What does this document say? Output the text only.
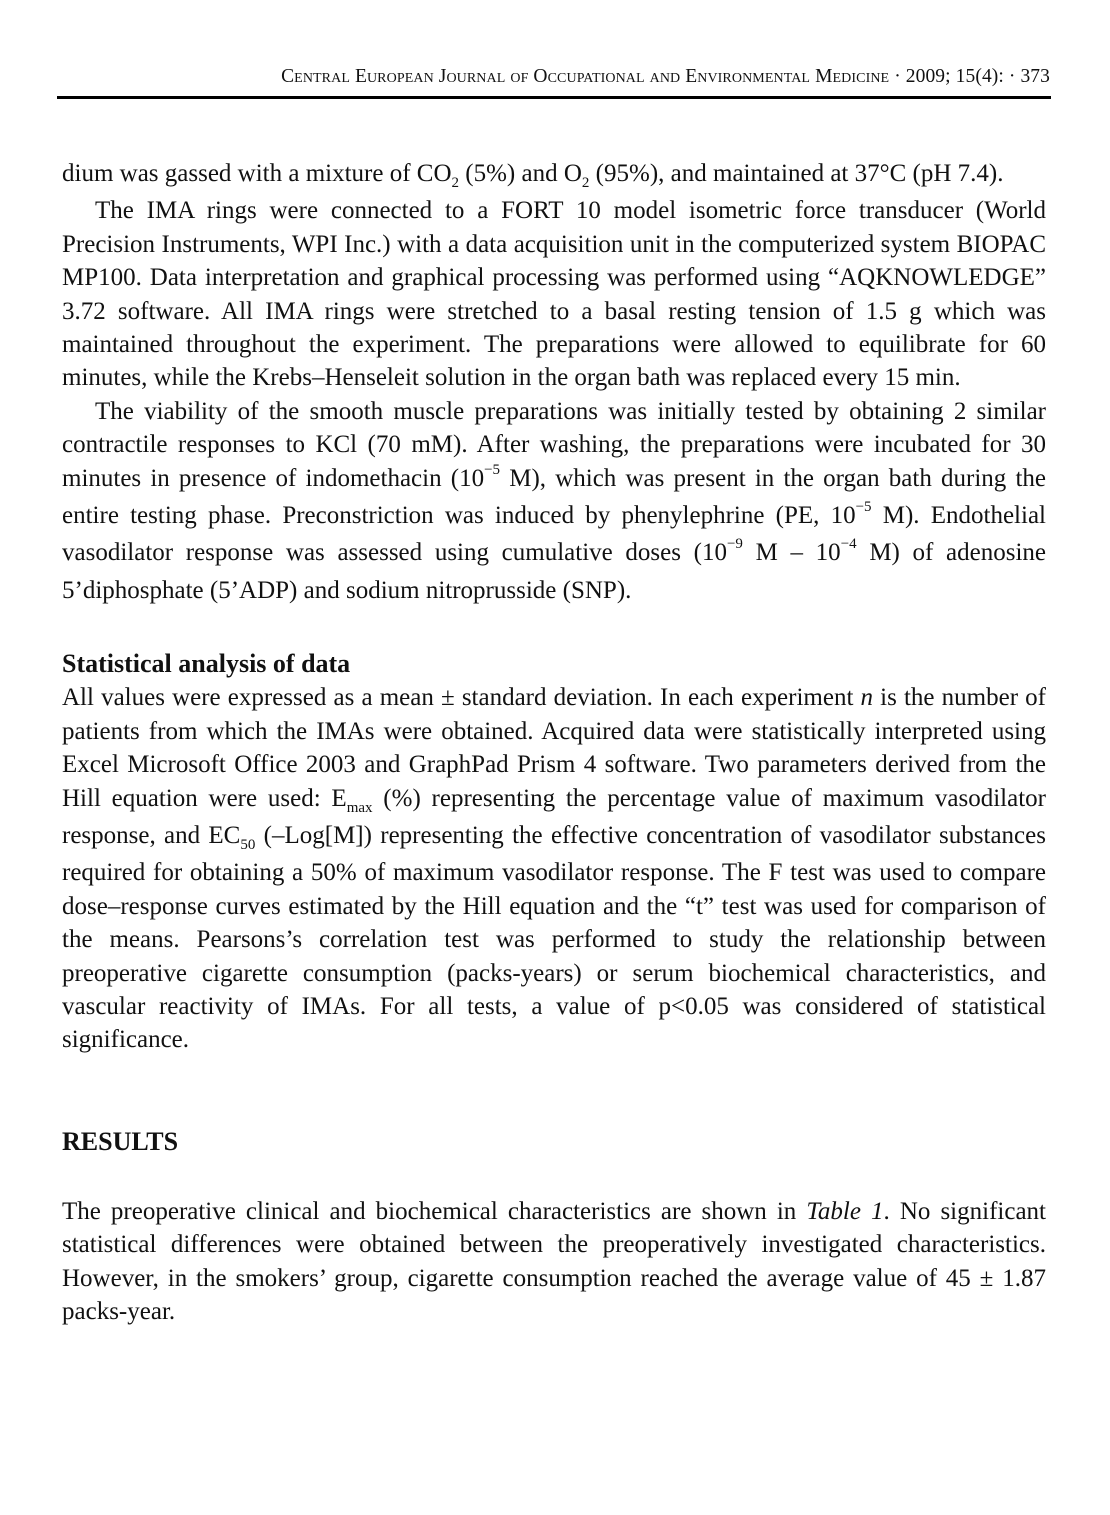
Central European Journal of Occupational and Environmental Medicine · 2009; 15(4): · 373

dium was gassed with a mixture of $CO_2$ (5%) and $O_2$ (95%), and maintained at 37°C (pH 7.4).

The IMA rings were connected to a FORT 10 model isometric force transducer (World Precision Instruments, WPI Inc.) with a data acquisition unit in the computerized system BIOPAC MP100. Data interpretation and graphical processing was performed using “AQKNOWLEDGE” 3.72 software. All IMA rings were stretched to a basal resting tension of 1.5 g which was maintained throughout the experiment. The preparations were allowed to equilibrate for 60 minutes, while the Krebs–Henseleit solution in the organ bath was replaced every 15 min.

The viability of the smooth muscle preparations was initially tested by obtaining 2 similar contractile responses to KCl (70 mM). After washing, the preparations were incubated for 30 minutes in presence of indomethacin ($10^{-5}$ M), which was present in the organ bath during the entire testing phase. Preconstriction was induced by phenylephrine (PE, $10^{-5}$ M). Endothelial vasodilator response was assessed using cumulative doses ($10^{-9}$ M – $10^{-4}$ M) of adenosine 5’diphosphate (5’ADP) and sodium nitroprusside (SNP).

Statistical analysis of data

All values were expressed as a mean ± standard deviation. In each experiment n is the number of patients from which the IMAs were obtained. Acquired data were statistically interpreted using Excel Microsoft Office 2003 and GraphPad Prism 4 software. Two parameters derived from the Hill equation were used: $E_{max}$ (%) representing the percentage value of maximum vasodilator response, and $EC_{50}$ (–Log[M]) representing the effective concentration of vasodilator substances required for obtaining a 50% of maximum vasodilator response. The F test was used to compare dose–response curves estimated by the Hill equation and the “t” test was used for comparison of the means. Pearsons’s correlation test was performed to study the relationship between preoperative cigarette consumption (packs-years) or serum biochemical characteristics, and vascular reactivity of IMAs. For all tests, a value of p<0.05 was considered of statistical significance.

RESULTS

The preoperative clinical and biochemical characteristics are shown in Table 1. No significant statistical differences were obtained between the preoperatively investigated characteristics. However, in the smokers’ group, cigarette consumption reached the average value of 45 ± 1.87 packs-year.
